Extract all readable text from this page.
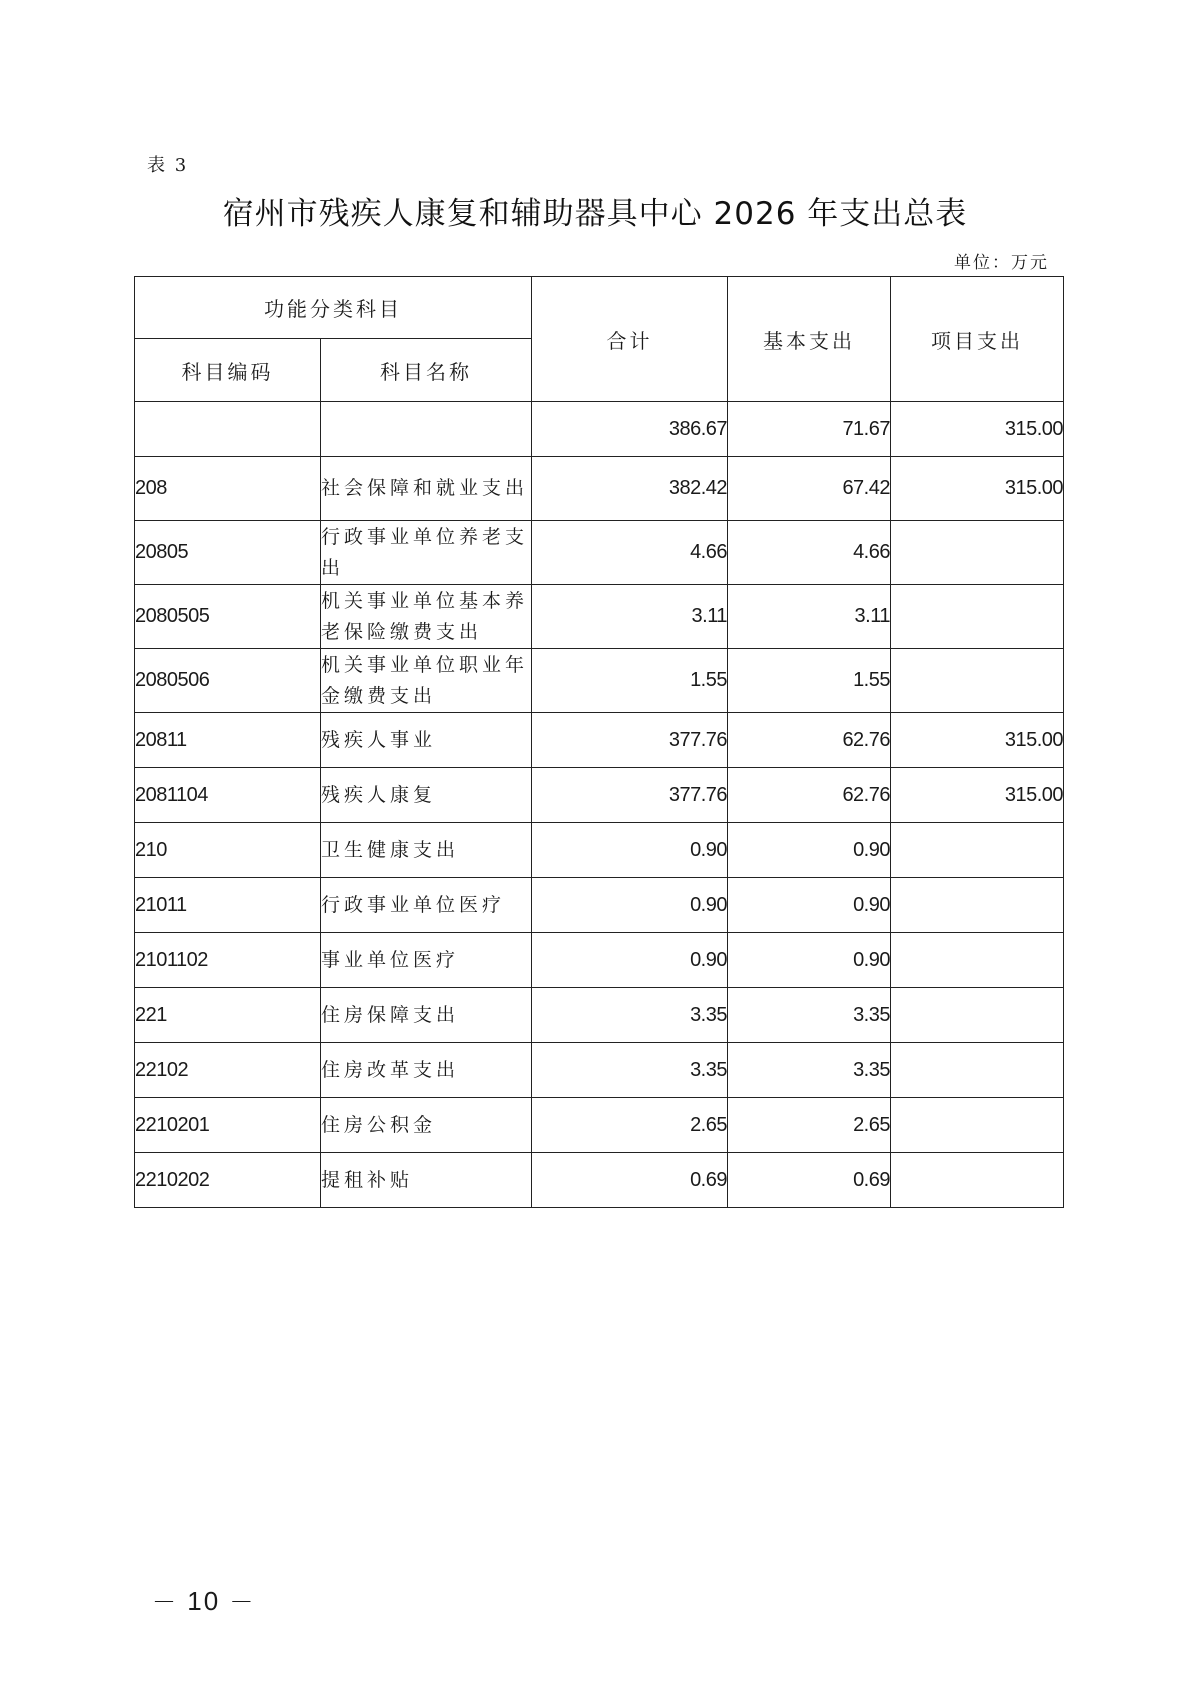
表 3
宿州市残疾人康复和辅助器具中心 2026 年支出总表
单位：万元
功能分类科目		合计	基本支出	项目支出
科目编码	科目名称			
		386.67	71.67	315.00
208	社会保障和就业支出	382.42	67.42	315.00
20805	行政事业单位养老支出	4.66	4.66	
2080505	机关事业单位基本养老保险缴费支出	3.11	3.11	
2080506	机关事业单位职业年金缴费支出	1.55	1.55	
20811	残疾人事业	377.76	62.76	315.00
2081104	残疾人康复	377.76	62.76	315.00
210	卫生健康支出	0.90	0.90	
21011	行政事业单位医疗	0.90	0.90	
2101102	事业单位医疗	0.90	0.90	
221	住房保障支出	3.35	3.35	
22102	住房改革支出	3.35	3.35	
2210201	住房公积金	2.65	2.65	
2210202	提租补贴	0.69	0.69	
－ 10 －
